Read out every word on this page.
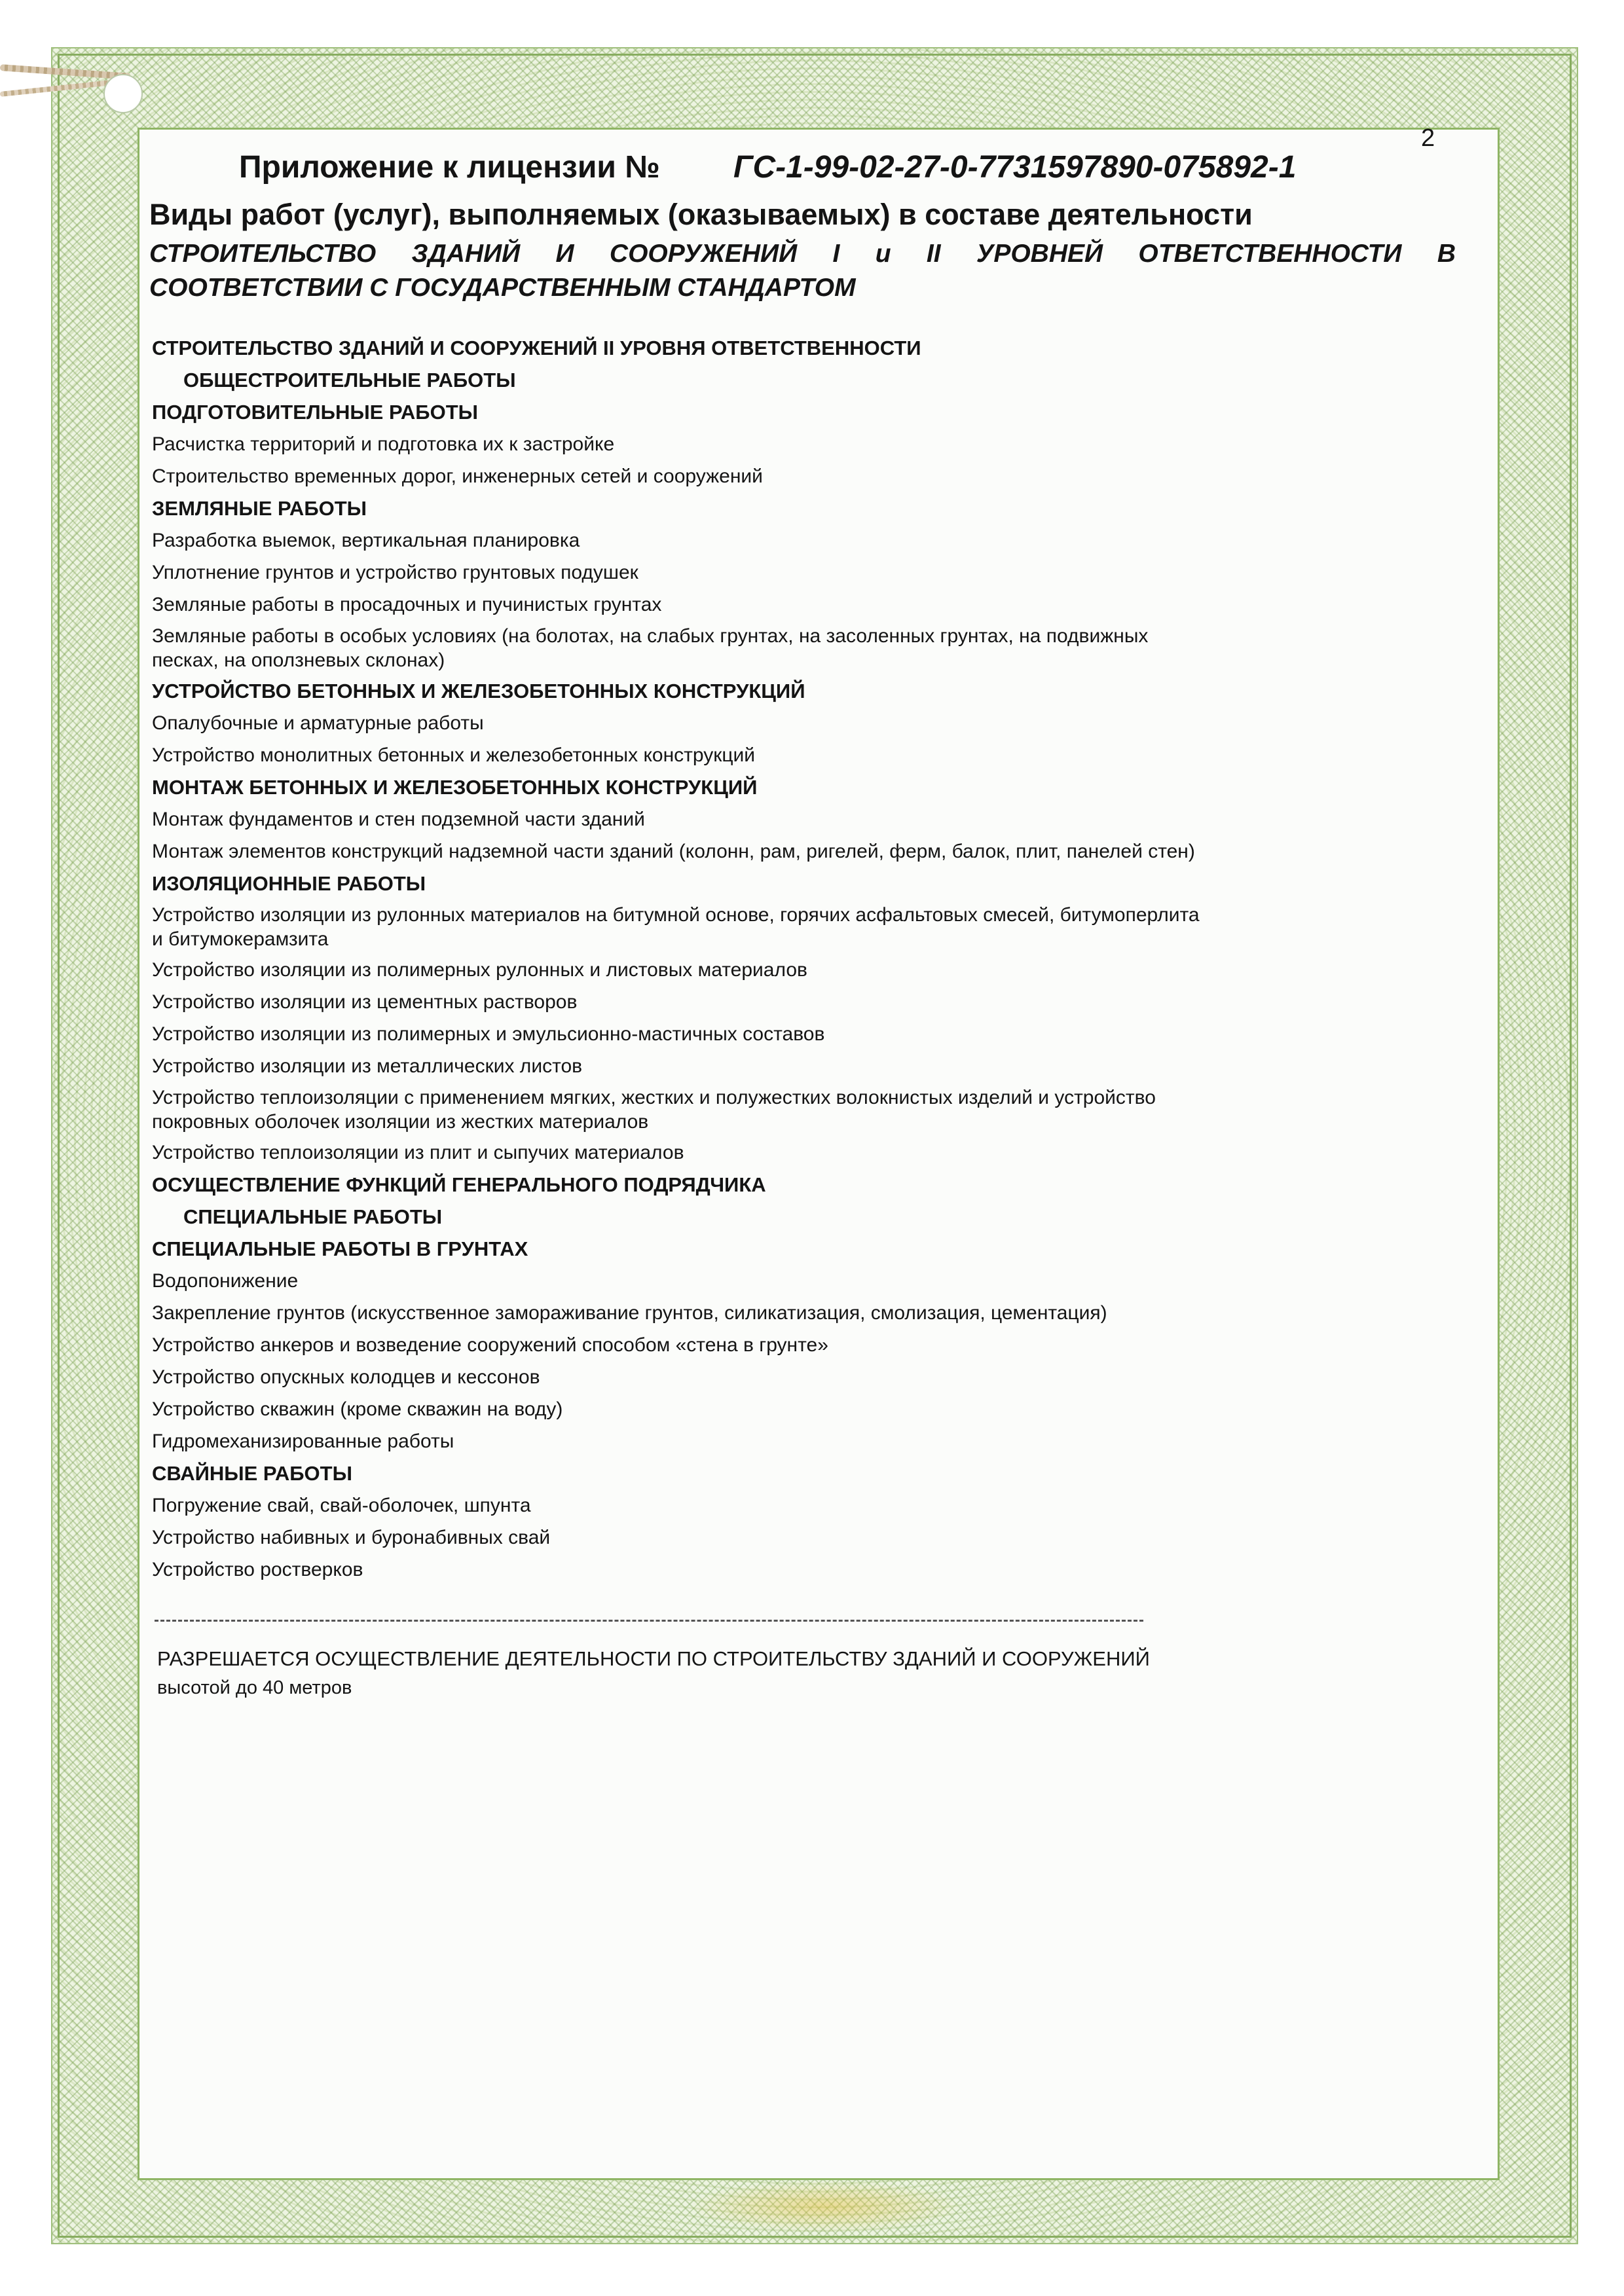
2
Приложение к лицензии № ГС-1-99-02-27-0-7731597890-075892-1
Виды работ (услуг), выполняемых (оказываемых) в составе деятельности
СТРОИТЕЛЬСТВО ЗДАНИЙ И СООРУЖЕНИЙ I и II УРОВНЕЙ ОТВЕТСТВЕННОСТИ В
СООТВЕТСТВИИ С ГОСУДАРСТВЕННЫМ СТАНДАРТОМ
СТРОИТЕЛЬСТВО ЗДАНИЙ И СООРУЖЕНИЙ II УРОВНЯ ОТВЕТСТВЕННОСТИ
ОБЩЕСТРОИТЕЛЬНЫЕ РАБОТЫ
ПОДГОТОВИТЕЛЬНЫЕ РАБОТЫ
Расчистка территорий и подготовка их к застройке
Строительство временных дорог, инженерных сетей и сооружений
ЗЕМЛЯНЫЕ РАБОТЫ
Разработка выемок, вертикальная планировка
Уплотнение грунтов и устройство грунтовых подушек
Земляные работы в просадочных и пучинистых грунтах
Земляные работы в особых условиях (на болотах, на слабых грунтах, на засоленных грунтах, на подвижных
песках, на оползневых склонах)
УСТРОЙСТВО БЕТОННЫХ И ЖЕЛЕЗОБЕТОННЫХ КОНСТРУКЦИЙ
Опалубочные и арматурные работы
Устройство монолитных бетонных и железобетонных конструкций
МОНТАЖ БЕТОННЫХ И ЖЕЛЕЗОБЕТОННЫХ КОНСТРУКЦИЙ
Монтаж фундаментов и стен подземной части зданий
Монтаж элементов конструкций надземной части зданий (колонн, рам, ригелей, ферм, балок, плит, панелей стен)
ИЗОЛЯЦИОННЫЕ РАБОТЫ
Устройство изоляции из рулонных материалов на битумной основе, горячих асфальтовых смесей, битумоперлита
и битумокерамзита
Устройство изоляции из полимерных рулонных и листовых материалов
Устройство изоляции из цементных растворов
Устройство изоляции из полимерных и эмульсионно-мастичных составов
Устройство изоляции из металлических листов
Устройство теплоизоляции с применением мягких, жестких и полужестких волокнистых изделий и устройство
покровных оболочек изоляции из жестких материалов
Устройство теплоизоляции из плит и сыпучих материалов
ОСУЩЕСТВЛЕНИЕ ФУНКЦИЙ ГЕНЕРАЛЬНОГО ПОДРЯДЧИКА
СПЕЦИАЛЬНЫЕ РАБОТЫ
СПЕЦИАЛЬНЫЕ РАБОТЫ В ГРУНТАХ
Водопонижение
Закрепление грунтов (искусственное замораживание грунтов, силикатизация, смолизация, цементация)
Устройство анкеров и возведение сооружений способом «стена в грунте»
Устройство опускных колодцев и кессонов
Устройство скважин (кроме скважин на воду)
Гидромеханизированные работы
СВАЙНЫЕ РАБОТЫ
Погружение свай, свай-оболочек, шпунта
Устройство набивных и буронабивных свай
Устройство ростверков
РАЗРЕШАЕТСЯ ОСУЩЕСТВЛЕНИЕ ДЕЯТЕЛЬНОСТИ ПО СТРОИТЕЛЬСТВУ ЗДАНИЙ И СООРУЖЕНИЙ
высотой до 40 метров
